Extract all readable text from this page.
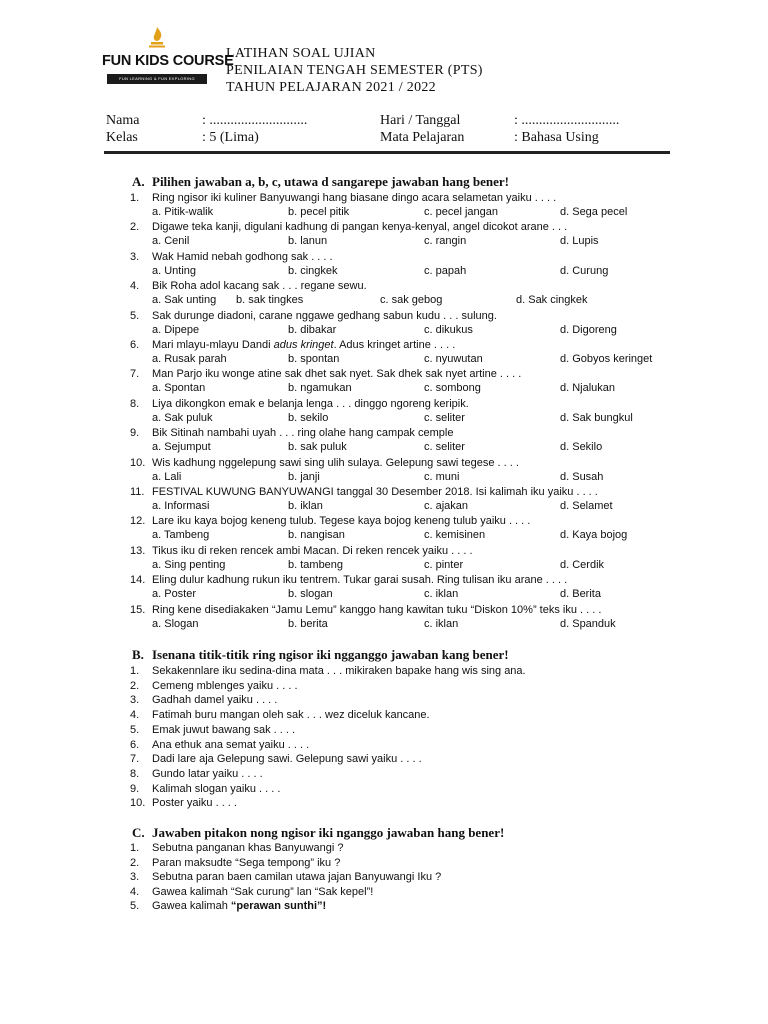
FUN KIDS COURSE
FUN LEARNING & FUN EXPLORING
LATIHAN SOAL UJIAN
PENILAIAN TENGAH SEMESTER (PTS)
TAHUN PELAJARAN 2021 / 2022
Nama	: ............................
Kelas	: 5 (Lima)
Hari / Tanggal	: ............................
Mata Pelajaran	: Bahasa Using
A. Pilihen jawaban a, b, c, utawa d sangarepe jawaban hang bener!
1. Ring ngisor iki kuliner Banyuwangi hang biasane dingo acara selametan yaiku . . . .
a. Pitik-walik	b. pecel pitik	c. pecel jangan	d. Sega pecel
2. Digawe teka kanji, digulani kadhung di pangan kenya-kenyal, angel dicokot arane . . .
a. Cenil	b. lanun	c. rangin	d. Lupis
3. Wak Hamid nebah godhong sak . . . .
a. Unting	b. cingkek	c. papah	d. Curung
4. Bik Roha adol kacang sak . . . regane sewu.
a. Sak unting b. sak tingkes	c. sak gebog	d. Sak cingkek
5. Sak durunge diadoni, carane nggawe gedhang sabun kudu . . . sulung.
a. Dipepe	b. dibakar	c. dikukus	d. Digoreng
6. Mari mlayu-mlayu Dandi adus kringet. Adus kringet artine . . . .
a. Rusak parah	b. spontan	c. nyuwutan	d. Gobyos keringet
7. Man Parjo iku wonge atine sak dhet sak nyet. Sak dhek sak nyet artine . . . .
a. Spontan	b. ngamukan	c. sombong	d. Njalukan
8. Liya dikongkon emak e belanja lenga . . . dinggo ngoreng keripik.
a. Sak puluk	b. sekilo	c. seliter	d. Sak bungkul
9. Bik Sitinah nambahi uyah . . . ring olahe hang campak cemple
a. Sejumput	b. sak puluk	c. seliter	d. Sekilo
10. Wis kadhung nggelepung sawi sing ulih sulaya. Gelepung sawi tegese . . . .
a. Lali	b. janji	c. muni	d. Susah
11. FESTIVAL KUWUNG BANYUWANGI tanggal 30 Desember 2018. Isi kalimah iku yaiku . . . .
a. Informasi	b. iklan	c. ajakan	d. Selamet
12. Lare iku kaya bojog keneng tulub. Tegese kaya bojog keneng tulub yaiku . . . .
a. Tambeng	b. nangisan	c. kemisinen	d. Kaya bojog
13. Tikus iku di reken rencek ambi Macan. Di reken rencek yaiku . . . .
a. Sing penting	b. tambeng	c. pinter	d. Cerdik
14. Eling dulur kadhung rukun iku tentrem. Tukar garai susah. Ring tulisan iku arane . . . .
a. Poster	b. slogan	c. iklan	d. Berita
15. Ring kene disediakaken “Jamu Lemu” kanggo hang kawitan tuku “Diskon 10%” teks iku . . . .
a. Slogan	b. berita	c. iklan	d. Spanduk
B. Isenana titik-titik ring ngisor iki ngganggo jawaban kang bener!
1. Sekakennlare iku sedina-dina mata . . . mikiraken bapake hang wis sing ana.
2. Cemeng mblenges yaiku . . . .
3. Gadhah damel yaiku . . . .
4. Fatimah buru mangan oleh sak . . . wez diceluk kancane.
5. Emak juwut bawang sak . . . .
6. Ana ethuk ana semat yaiku . . . .
7. Dadi lare aja Gelepung sawi. Gelepung sawi yaiku . . . .
8. Gundo latar yaiku . . . .
9. Kalimah slogan yaiku . . . .
10. Poster yaiku . . . .
C. Jawaben pitakon nong ngisor iki nganggo jawaban hang bener!
1. Sebutna panganan khas Banyuwangi ?
2. Paran maksudte “Sega tempong” iku ?
3. Sebutna paran baen camilan utawa jajan Banyuwangi Iku ?
4. Gawea kalimah “Sak curung” lan “Sak kepel”!
5. Gawea kalimah “perawan sunthi”!
